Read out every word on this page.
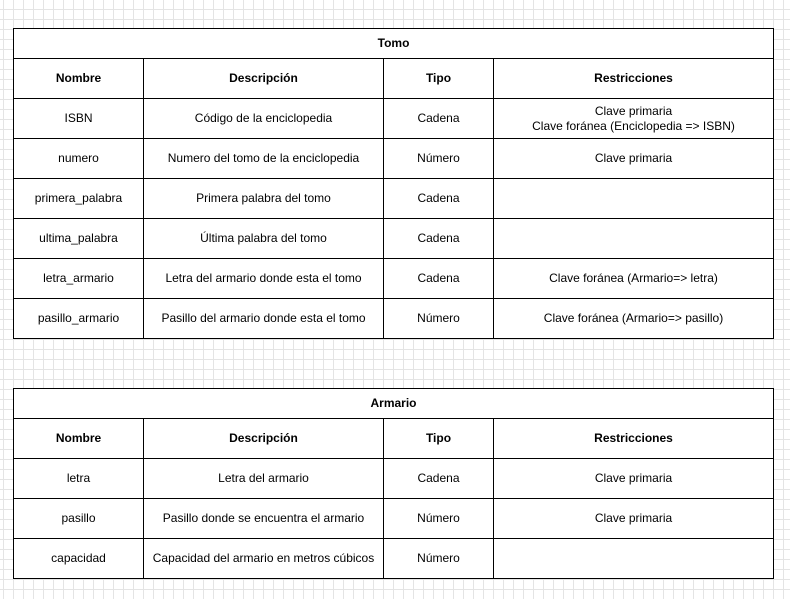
Tomo			
Nombre	Descripción	Tipo	Restricciones
ISBN	Código de la enciclopedia	Cadena	Clave primaria
Clave foránea (Enciclopedia => ISBN)

numero	Numero del tomo de la enciclopedia	Número	Clave primaria

primera_palabra	Primera palabra del tomo	Cadena	
ultima_palabra	Última palabra del tomo	Cadena	
letra_armario	Letra del armario donde esta el tomo	Cadena	Clave foránea (Armario=> letra)

pasillo_armario	Pasillo del armario donde esta el tomo	Número	Clave foránea (Armario=> pasillo)
Armario			
Nombre	Descripción	Tipo	Restricciones
letra	Letra del armario	Cadena	Clave primaria

pasillo	Pasillo donde se encuentra el armario	Número	Clave primaria

capacidad	Capacidad del armario en metros cúbicos	Número	
